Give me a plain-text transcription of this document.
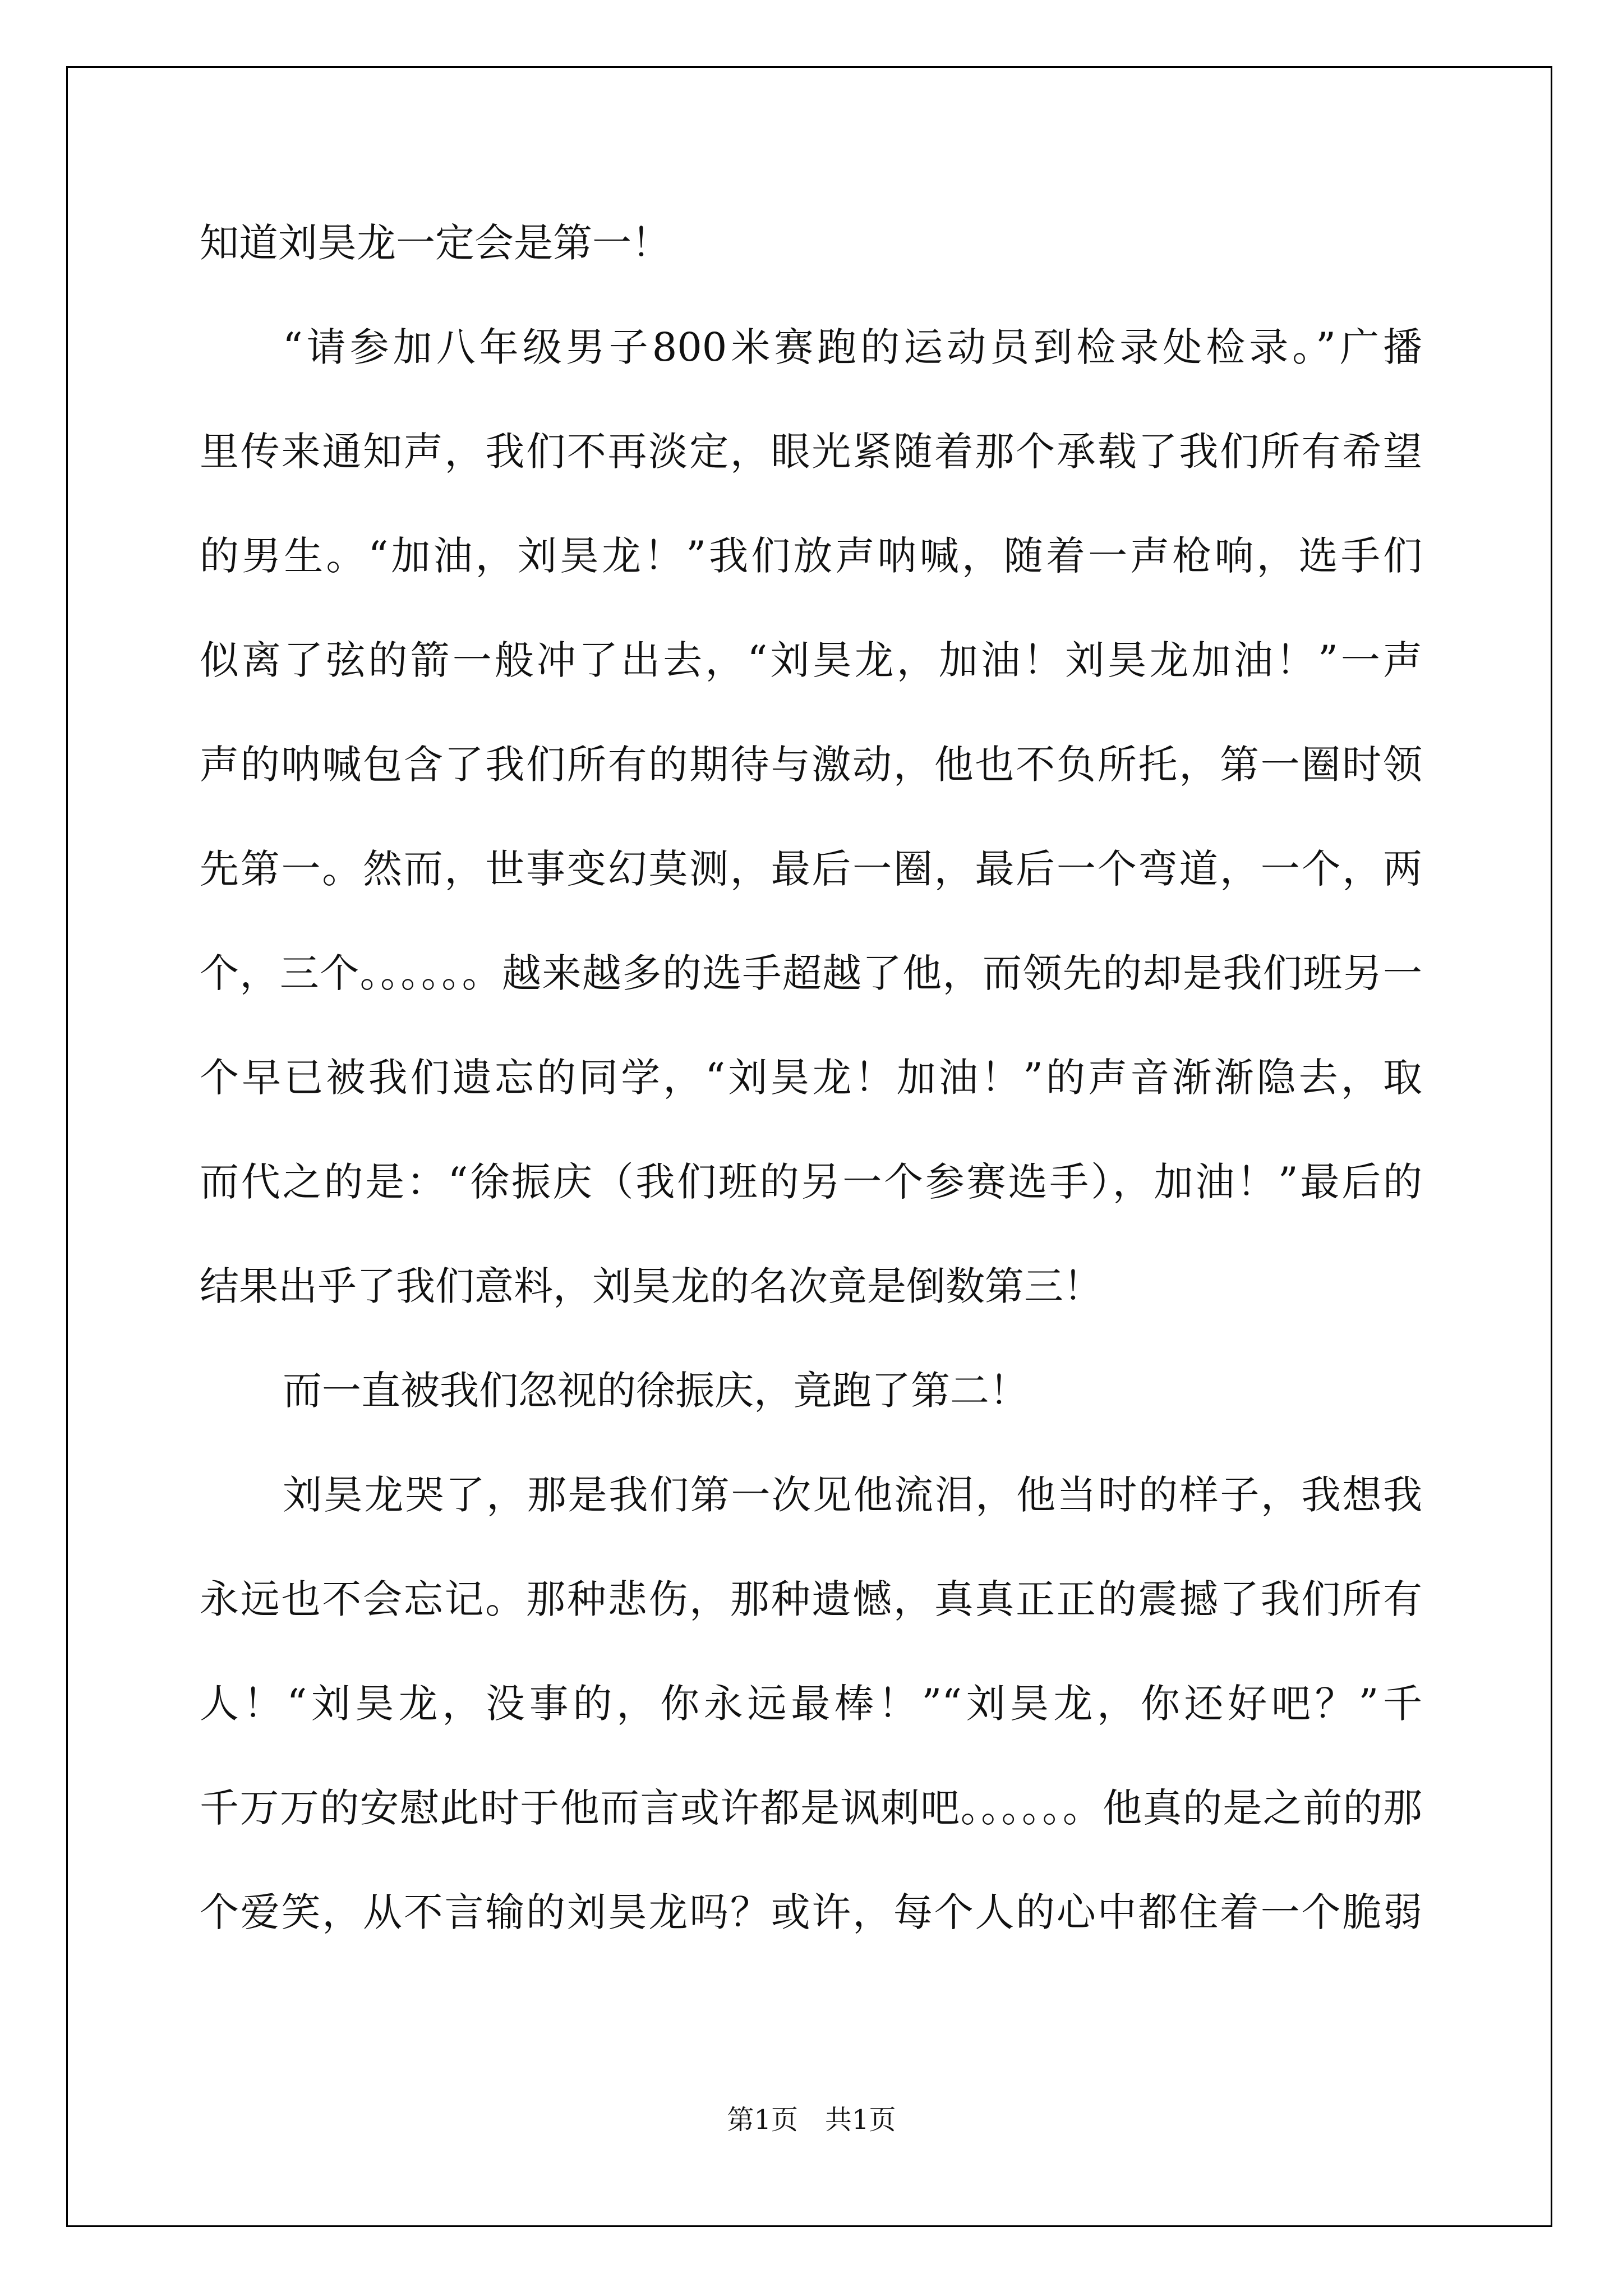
知道刘昊龙一定会是第一！
“请参加八年级男子800米赛跑的运动员到检录处检录。”广播
里传来通知声，我们不再淡定，眼光紧随着那个承载了我们所有希望
的男生。“加油，刘昊龙！”我们放声呐喊，随着一声枪响，选手们
似离了弦的箭一般冲了出去，“刘昊龙，加油！刘昊龙加油！”一声
声的呐喊包含了我们所有的期待与激动，他也不负所托，第一圈时领
先第一。然而，世事变幻莫测，最后一圈，最后一个弯道，一个，两
个，三个。。。。。。越来越多的选手超越了他，而领先的却是我们班另一
个早已被我们遗忘的同学，“刘昊龙！加油！”的声音渐渐隐去，取
而代之的是：“徐振庆（我们班的另一个参赛选手），加油！”最后的
结果出乎了我们意料，刘昊龙的名次竟是倒数第三！
而一直被我们忽视的徐振庆，竟跑了第二！
刘昊龙哭了，那是我们第一次见他流泪，他当时的样子，我想我
永远也不会忘记。那种悲伤，那种遗憾，真真正正的震撼了我们所有
人！“刘昊龙，没事的，你永远最棒！”“刘昊龙，你还好吧？”千
千万万的安慰此时于他而言或许都是讽刺吧。。。。。。他真的是之前的那
个爱笑，从不言输的刘昊龙吗？或许，每个人的心中都住着一个脆弱
第1页　共1页
